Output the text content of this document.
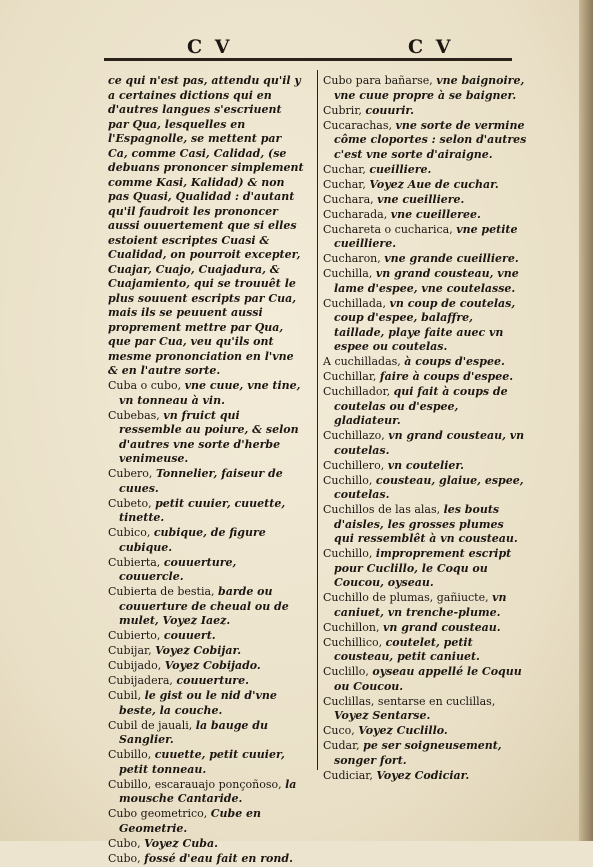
C V	C V
ce qui n'est pas, attendu qu'il y a certaines dictions qui en d'autres langues s'escriuent par Qua, lesquelles en l'Espagnolle, se mettent par Ca, comme Casi, Calidad, (se debuans prononcer simplement comme Kasi, Kalidad) & non pas Quasi, Qualidad : d'autant qu'il faudroit les prononcer aussi ouuertement que si elles estoient escriptes Cuasi & Cualidad, on pourroit excepter, Cuajar, Cuajo, Cuajadura, & Cuajamiento, qui se trouuêt le plus souuent escripts par Cua, mais ils se peuuent aussi proprement mettre par Qua, que par Cua, veu qu'ils ont mesme prononciation en l'vne & en l'autre sorte.
Cuba o cubo, vne cuue, vne tine, vn tonneau à vin.
Cubebas, vn fruict qui ressemble au poiure, & selon d'autres vne sorte d'herbe venimeuse.
Cubero, Tonnelier, faiseur de cuues.
Cubeto, petit cuuier, cuuette, tinette.
Cubico, cubique, de figure cubique.
Cubierta, couuerture, couuercle.
Cubierta de bestia, barde ou couuerture de cheual ou de mulet, Voyez Iaez.
Cubierto, couuert.
Cubijar, Voyez Cobijar.
Cubijado, Voyez Cobijado.
Cubijadera, couuerture.
Cubil, le gist ou le nid d'vne beste, la couche.
Cubil de jauali, la bauge du Sanglier.
Cubillo, cuuette, petit cuuier, petit tonneau.
Cubillo, escarauajo ponçoñoso, la mousche Cantaride.
Cubo geometrico, Cube en Geometrie.
Cubo, Voyez Cuba.
Cubo, fossé d'eau fait en rond.
Cubo para bañarse, vne baignoire, vne cuue propre à se baigner.
Cubrir, couurir.
Cucarachas, vne sorte de vermine côme cloportes : selon d'autres c'est vne sorte d'airaigne.
Cuchar, cueilliere.
Cuchar, Voyez Aue de cuchar.
Cuchara, vne cueilliere.
Cucharada, vne cueilleree.
Cuchareta o cucharica, vne petite cueilliere.
Cucharon, vne grande cueilliere.
Cuchilla, vn grand cousteau, vne lame d'espee, vne coutelasse.
Cuchillada, vn coup de coutelas, coup d'espee, balaffre, taillade, playe faite auec vn espee ou coutelas.
A cuchilladas, à coups d'espee.
Cuchillar, faire à coups d'espee.
Cuchillador, qui fait à coups de coutelas ou d'espee, gladiateur.
Cuchillazo, vn grand cousteau, vn coutelas.
Cuchillero, vn coutelier.
Cuchillo, cousteau, glaiue, espee, coutelas.
Cuchillos de las alas, les bouts d'aisles, les grosses plumes qui ressemblêt à vn cousteau.
Cuchillo, improprement escript pour Cuclillo, le Coqu ou Coucou, oyseau.
Cuchillo de plumas, gañiucte, vn caniuet, vn trenche-plume.
Cuchillon, vn grand cousteau.
Cuchillico, coutelet, petit cousteau, petit caniuet.
Cuclillo, oyseau appellé le Coquu ou Coucou.
Cuclillas, sentarse en cuclillas, Voyez Sentarse.
Cuco, Voyez Cuclillo.
Cudar, pe ser soigneusement, songer fort.
Cudiciar, Voyez Codiciar.
